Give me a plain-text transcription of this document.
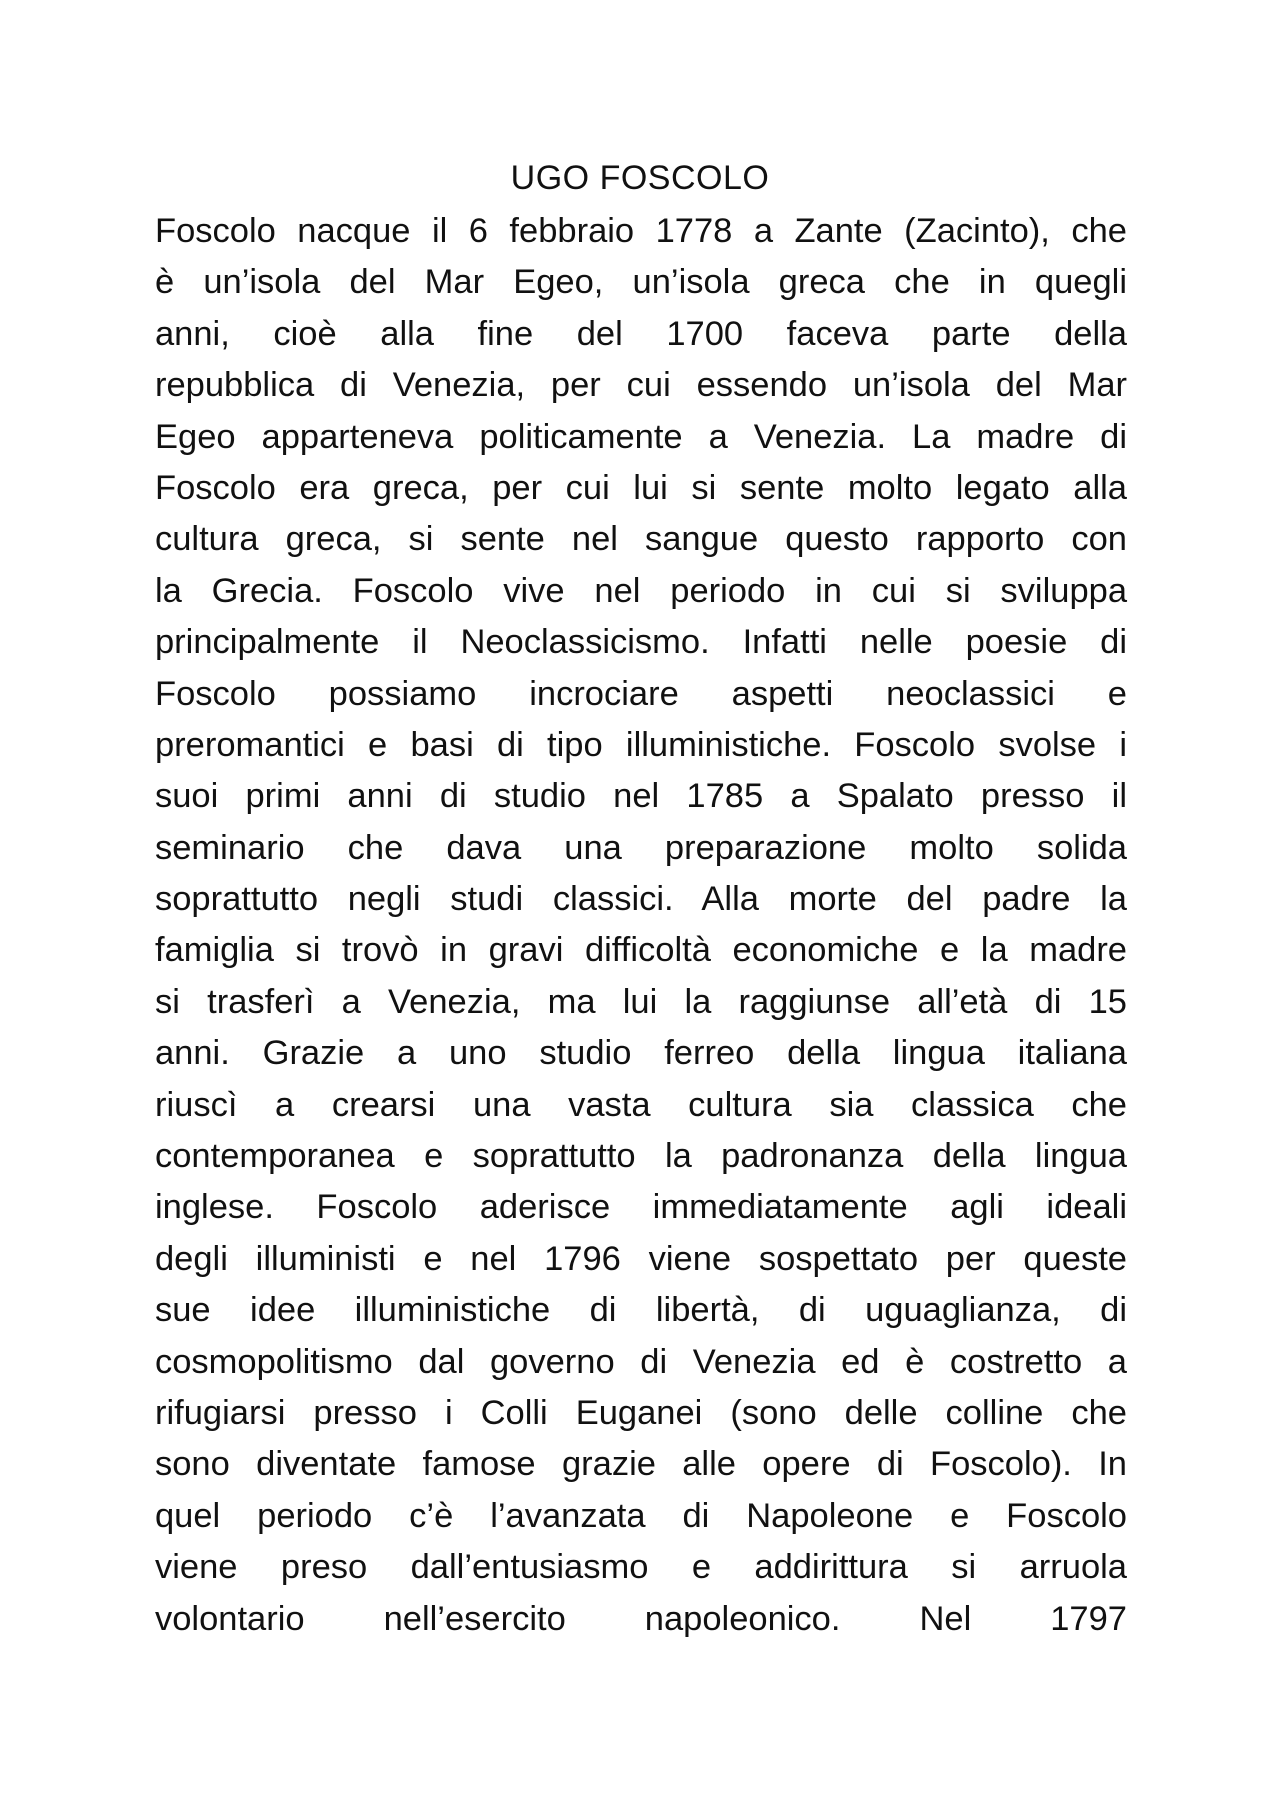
UGO FOSCOLO
Foscolo nacque il 6 febbraio 1778 a Zante (Zacinto), che
è un’isola del Mar Egeo, un’isola greca che in quegli
anni, cioè alla fine del 1700 faceva parte della
repubblica di Venezia, per cui essendo un’isola del Mar
Egeo apparteneva politicamente a Venezia. La madre di
Foscolo era greca, per cui lui si sente molto legato alla
cultura greca, si sente nel sangue questo rapporto con
la Grecia. Foscolo vive nel periodo in cui si sviluppa
principalmente il Neoclassicismo. Infatti nelle poesie di
Foscolo possiamo incrociare aspetti neoclassici e
preromantici e basi di tipo illuministiche. Foscolo svolse i
suoi primi anni di studio nel 1785 a Spalato presso il
seminario che dava una preparazione molto solida
soprattutto negli studi classici. Alla morte del padre la
famiglia si trovò in gravi difficoltà economiche e la madre
si trasferì a Venezia, ma lui la raggiunse all’età di 15
anni. Grazie a uno studio ferreo della lingua italiana
riuscì a crearsi una vasta cultura sia classica che
contemporanea e soprattutto la padronanza della lingua
inglese. Foscolo aderisce immediatamente agli ideali
degli illuministi e nel 1796 viene sospettato per queste
sue idee illuministiche di libertà, di uguaglianza, di
cosmopolitismo dal governo di Venezia ed è costretto a
rifugiarsi presso i Colli Euganei (sono delle colline che
sono diventate famose grazie alle opere di Foscolo). In
quel periodo c’è l’avanzata di Napoleone e Foscolo
viene preso dall’entusiasmo e addirittura si arruola
volontario nell’esercito napoleonico. Nel 1797
